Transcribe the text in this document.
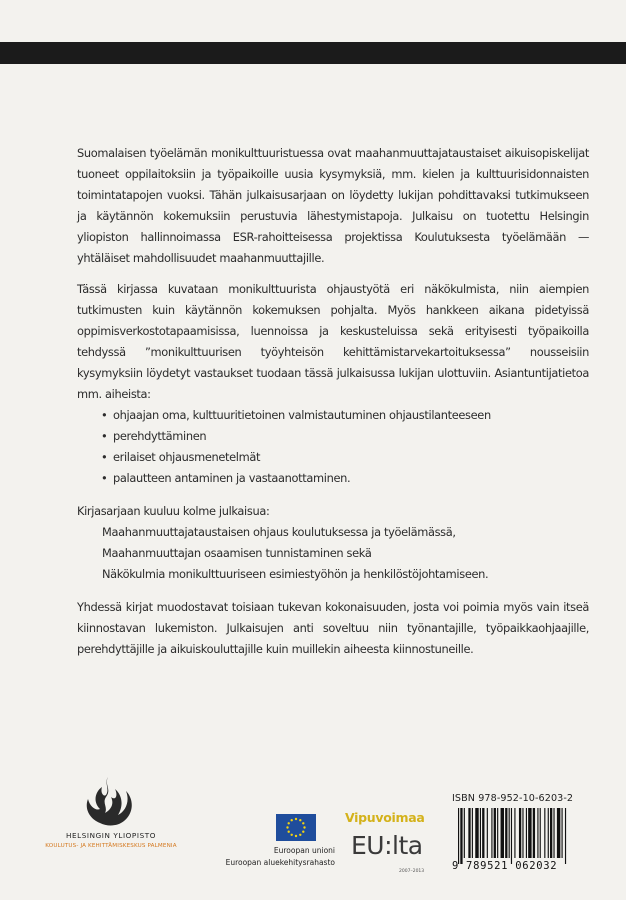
Suomalaisen työelämän monikulttuuristuessa ovat maahanmuuttajataustaiset aikuisopiskelijat tuoneet oppilaitoksiin ja työpaikoille uusia kysymyksiä, mm. kielen ja kulttuurisidonnaisten toimintatapojen vuoksi. Tähän julkaisusarjaan on löydetty lukijan pohdittavaksi tutkimukseen ja käytännön kokemuksiin perustuvia lähestymistapoja. Julkaisu on tuotettu Helsingin yliopiston hallinnoimassa ESR-rahoitteisessa projektissa Koulutuksesta työelämään — yhtäläiset mahdollisuudet maahanmuuttajille.

Tässä kirjassa kuvataan monikulttuurista ohjaustyötä eri näkökulmista, niin aiempien tutkimusten kuin käytännön kokemuksen pohjalta. Myös hankkeen aikana pidetyissä oppimisverkostotapaamisissa, luennoissa ja keskusteluissa sekä erityisesti työpaikoilla tehdyssä ”monikulttuurisen työyhteisön kehittämistarvekartoituksessa” nousseisiin kysymyksiin löydetyt vastaukset tuodaan tässä julkaisussa lukijan ulottuviin. Asiantuntijatietoa mm. aiheista:

• ohjaajan oma, kulttuuritietoinen valmistautuminen ohjaustilanteeseen
• perehdyttäminen
• erilaiset ohjausmenetelmät
• palautteen antaminen ja vastaanottaminen.

Kirjasarjaan kuuluu kolme julkaisua:

Maahanmuuttajataustaisen ohjaus koulutuksessa ja työelämässä,
Maahanmuuttajan osaamisen tunnistaminen sekä
Näkökulmia monikulttuuriseen esimiestyöhön ja henkilöstöjohtamiseen.

Yhdessä kirjat muodostavat toisiaan tukevan kokonaisuuden, josta voi poimia myös vain itseä kiinnostavan lukemiston. Julkaisujen anti soveltuu niin työnantajille, työpaikkaohjaajille, perehdyttäjille ja aikuiskouluttajille kuin muillekin aiheesta kiinnostuneille.

HELSINGIN YLIOPISTO
KOULUTUS- JA KEHITTÄMISKESKUS PALMENIA	Euroopan unioni
Euroopan aluekehitysrahasto
Vipuvoimaa
EU:lta
2007–2013
ISBN 978-952-10-6203-2
9 789521 062032
